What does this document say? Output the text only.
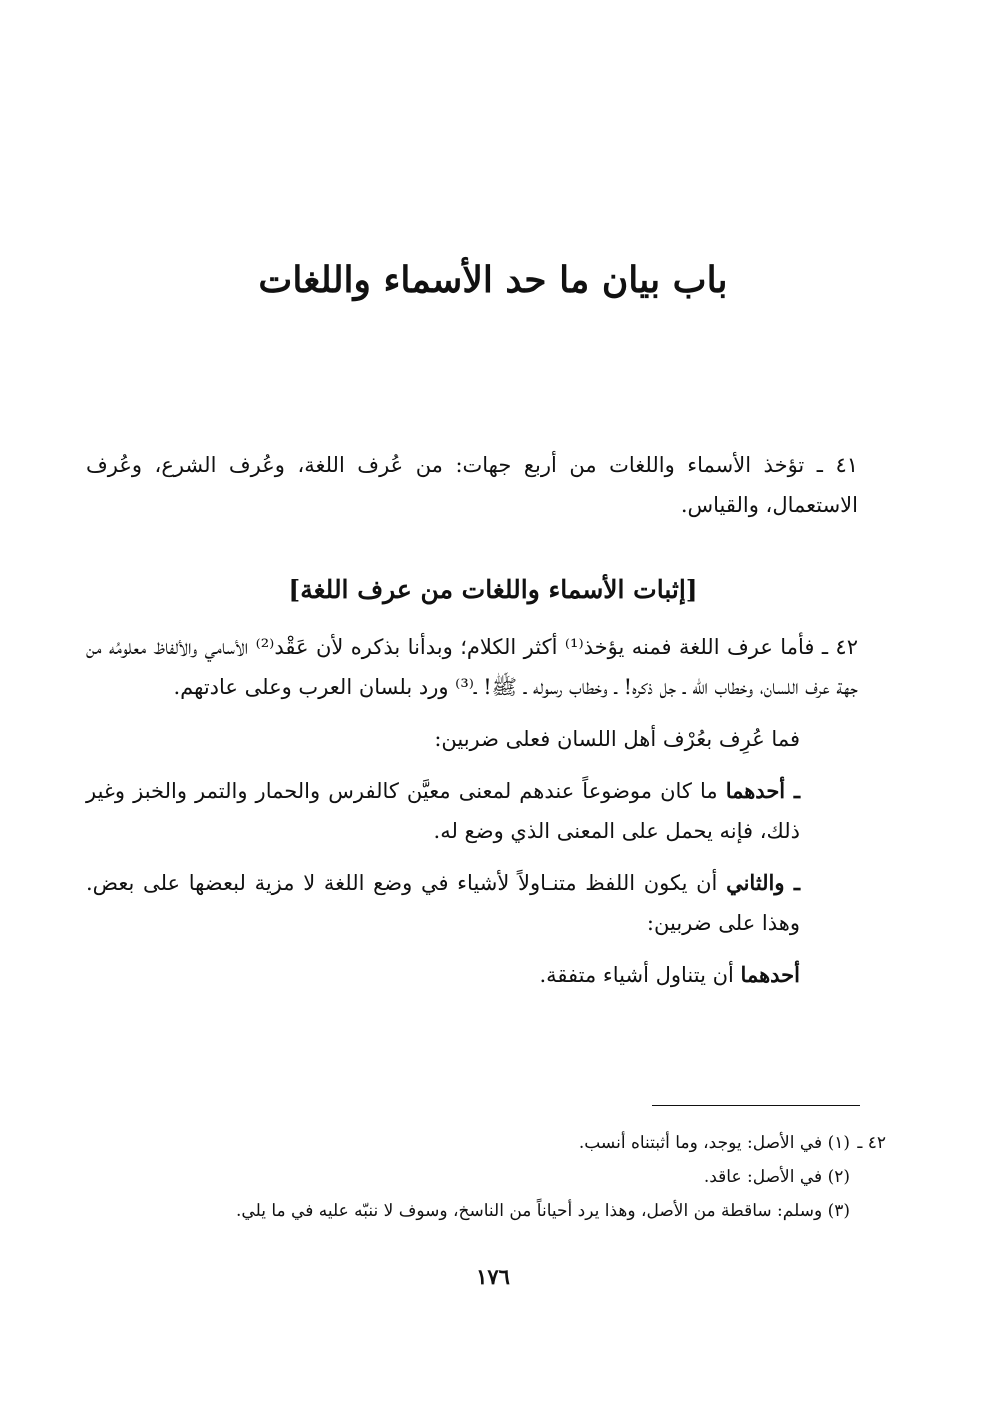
باب بيان ما حد الأسماء واللغات
٤١ ـ تؤخذ الأسماء واللغات من أربع جهات: من عُرف اللغة، وعُرف الشرع، وعُرف الاستعمال، والقياس.
[إثبات الأسماء واللغات من عرف اللغة]
٤٢ ـ فأما عرف اللغة فمنه يؤخذ⁽¹⁾ أكثر الكلام؛ وبدأنا بذكره لأن عَقْد⁽²⁾ الأسامي والألفاظ معلومُه من جهة عرف اللسان، وخطاب الله ـ جل ذكره! ـ وخطاب رسوله ـ ﷺ! ـ⁽³⁾ ورد بلسان العرب وعلى عادتهم.
فما عُرِف بعُرْف أهل اللسان فعلى ضربين:
ـ أحدهما ما كان موضوعاً عندهم لمعنى معيَّن كالفرس والحمار والتمر والخبز وغير ذلك، فإنه يحمل على المعنى الذي وضع له.
ـ والثاني أن يكون اللفظ متنـاولاً لأشياء في وضع اللغة لا مزية لبعضها على بعض. وهذا على ضربين:
أحدهما أن يتناول أشياء متفقة.
٤٢ ـ(١) في الأصل: يوجد، وما أثبتناه أنسب.
(٢) في الأصل: عاقد.
(٣) وسلم: ساقطة من الأصل، وهذا يرد أحياناً من الناسخ، وسوف لا ننبّه عليه في ما يلي.
١٧٦
